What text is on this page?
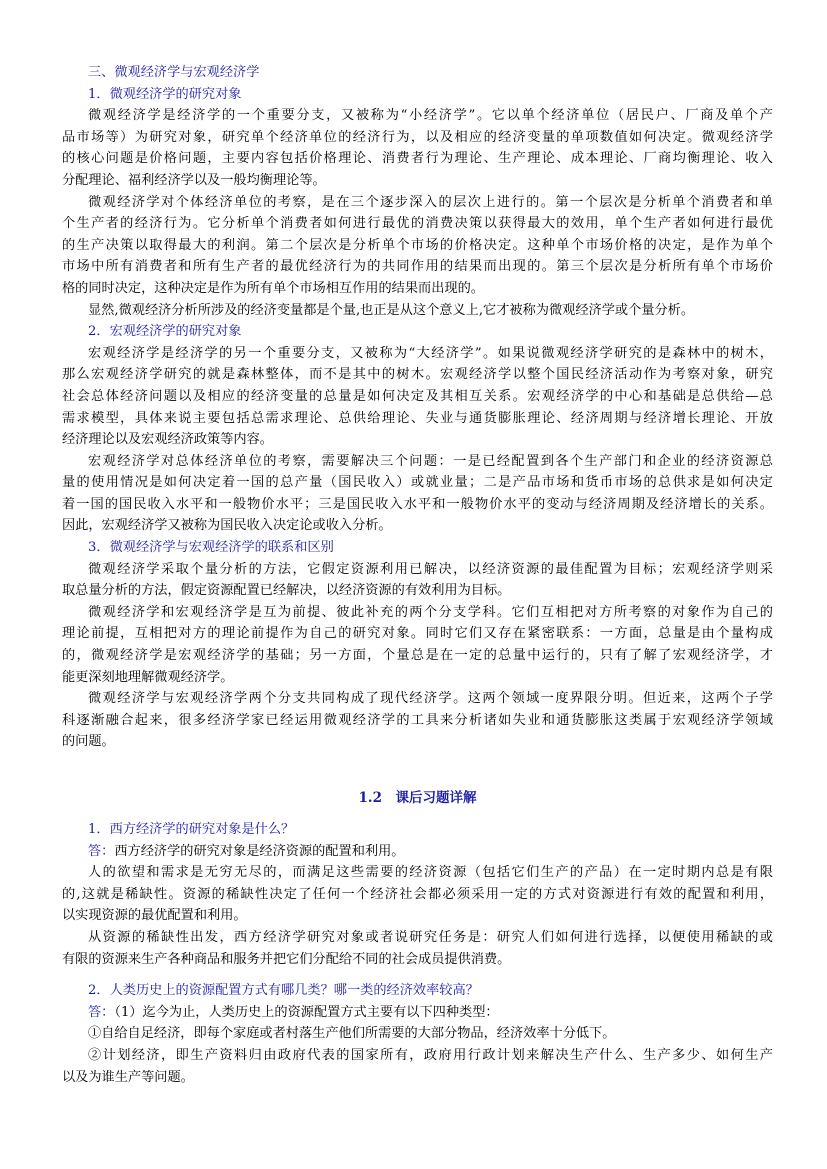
三、微观经济学与宏观经济学
1．微观经济学的研究对象
微观经济学是经济学的一个重要分支，又被称为“小经济学”。它以单个经济单位（居民户、厂商及单个产
品市场等）为研究对象，研究单个经济单位的经济行为，以及相应的经济变量的单项数值如何决定。微观经济学
的核心问题是价格问题，主要内容包括价格理论、消费者行为理论、生产理论、成本理论、厂商均衡理论、收入
分配理论、福利经济学以及一般均衡理论等。
微观经济学对个体经济单位的考察，是在三个逐步深入的层次上进行的。第一个层次是分析单个消费者和单
个生产者的经济行为。它分析单个消费者如何进行最优的消费决策以获得最大的效用，单个生产者如何进行最优
的生产决策以取得最大的利润。第二个层次是分析单个市场的价格决定。这种单个市场价格的决定，是作为单个
市场中所有消费者和所有生产者的最优经济行为的共同作用的结果而出现的。第三个层次是分析所有单个市场价
格的同时决定，这种决定是作为所有单个市场相互作用的结果而出现的。
显然,微观经济分析所涉及的经济变量都是个量,也正是从这个意义上,它才被称为微观经济学或个量分析。
2．宏观经济学的研究对象
宏观经济学是经济学的另一个重要分支，又被称为“大经济学”。如果说微观经济学研究的是森林中的树木，
那么宏观经济学研究的就是森林整体，而不是其中的树木。宏观经济学以整个国民经济活动作为考察对象，研究
社会总体经济问题以及相应的经济变量的总量是如何决定及其相互关系。宏观经济学的中心和基础是总供给—总
需求模型，具体来说主要包括总需求理论、总供给理论、失业与通货膨胀理论、经济周期与经济增长理论、开放
经济理论以及宏观经济政策等内容。
宏观经济学对总体经济单位的考察，需要解决三个问题：一是已经配置到各个生产部门和企业的经济资源总
量的使用情况是如何决定着一国的总产量（国民收入）或就业量；二是产品市场和货币市场的总供求是如何决定
着一国的国民收入水平和一般物价水平；三是国民收入水平和一般物价水平的变动与经济周期及经济增长的关系。
因此，宏观经济学又被称为国民收入决定论或收入分析。
3．微观经济学与宏观经济学的联系和区别
微观经济学采取个量分析的方法，它假定资源利用已解决，以经济资源的最佳配置为目标；宏观经济学则采
取总量分析的方法，假定资源配置已经解决，以经济资源的有效利用为目标。
微观经济学和宏观经济学是互为前提、彼此补充的两个分支学科。它们互相把对方所考察的对象作为自己的
理论前提，互相把对方的理论前提作为自己的研究对象。同时它们又存在紧密联系：一方面，总量是由个量构成
的，微观经济学是宏观经济学的基础；另一方面，个量总是在一定的总量中运行的，只有了解了宏观经济学，才
能更深刻地理解微观经济学。
微观经济学与宏观经济学两个分支共同构成了现代经济学。这两个领域一度界限分明。但近来，这两个子学
科逐渐融合起来，很多经济学家已经运用微观经济学的工具来分析诸如失业和通货膨胀这类属于宏观经济学领域
的问题。
1.2　课后习题详解
1．西方经济学的研究对象是什么？
答：西方经济学的研究对象是经济资源的配置和利用。
人的欲望和需求是无穷无尽的，而满足这些需要的经济资源（包括它们生产的产品）在一定时期内总是有限
的,这就是稀缺性。资源的稀缺性决定了任何一个经济社会都必须采用一定的方式对资源进行有效的配置和利用，
以实现资源的最优配置和利用。
从资源的稀缺性出发，西方经济学研究对象或者说研究任务是：研究人们如何进行选择，以便使用稀缺的或
有限的资源来生产各种商品和服务并把它们分配给不同的社会成员提供消费。
2．人类历史上的资源配置方式有哪几类？哪一类的经济效率较高？
答：（1）迄今为止，人类历史上的资源配置方式主要有以下四种类型：
①自给自足经济，即每个家庭或者村落生产他们所需要的大部分物品，经济效率十分低下。
②计划经济，即生产资料归由政府代表的国家所有，政府用行政计划来解决生产什么、生产多少、如何生产
以及为谁生产等问题。
